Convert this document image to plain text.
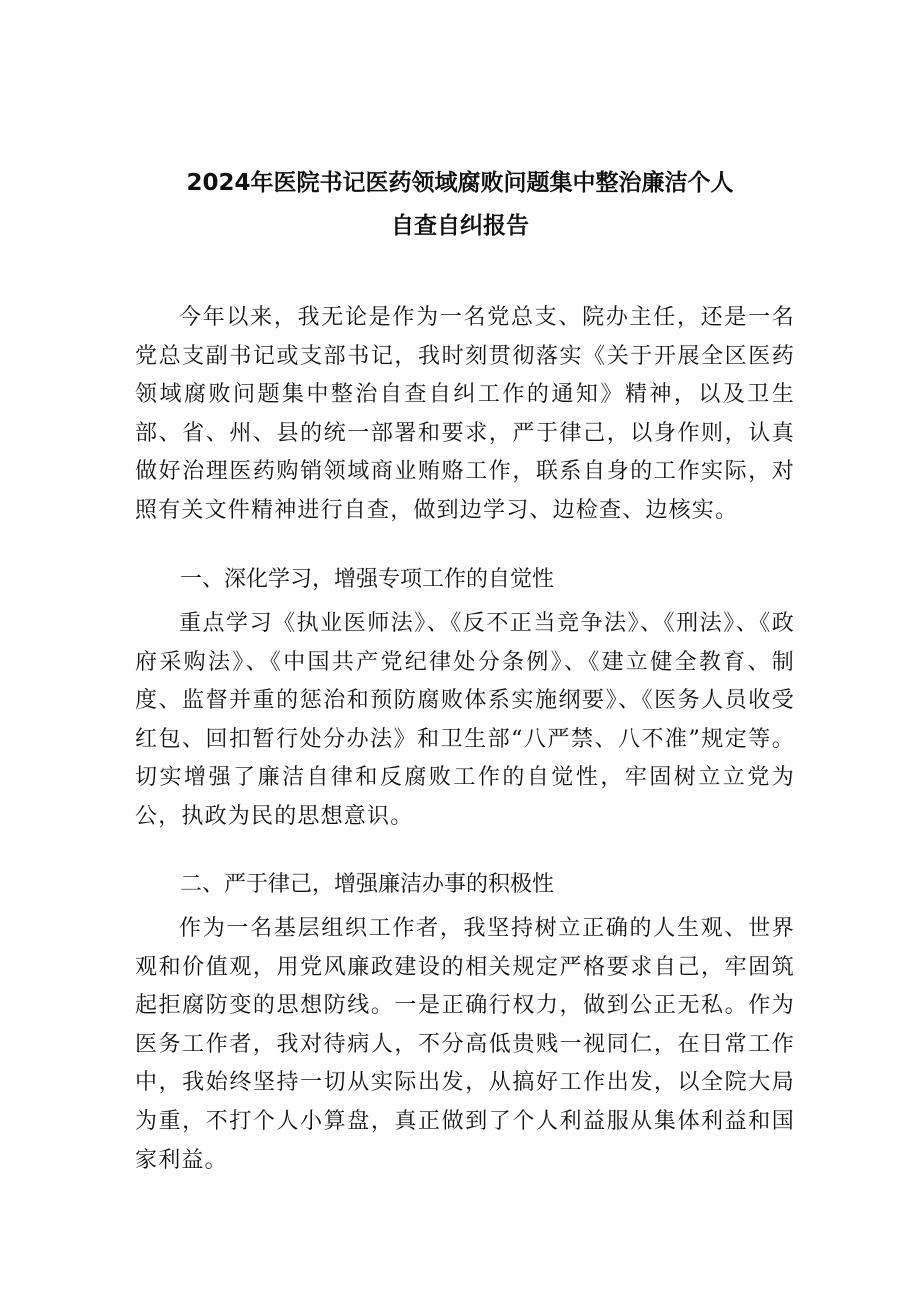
2024年医院书记医药领域腐败问题集中整治廉洁个人
自查自纠报告

今年以来，我无论是作为一名党总支、院办主任，还是一名党总支副书记或支部书记，我时刻贯彻落实《关于开展全区医药领域腐败问题集中整治自查自纠工作的通知》精神，以及卫生部、省、州、县的统一部署和要求，严于律己，以身作则，认真做好治理医药购销领域商业贿赂工作，联系自身的工作实际，对照有关文件精神进行自查，做到边学习、边检查、边核实。

一、深化学习，增强专项工作的自觉性

重点学习《执业医师法》、《反不正当竞争法》、《刑法》、《政府采购法》、《中国共产党纪律处分条例》、《建立健全教育、制度、监督并重的惩治和预防腐败体系实施纲要》、《医务人员收受红包、回扣暂行处分办法》和卫生部“八严禁、八不准”规定等。切实增强了廉洁自律和反腐败工作的自觉性，牢固树立立党为公，执政为民的思想意识。

二、严于律己，增强廉洁办事的积极性

作为一名基层组织工作者，我坚持树立正确的人生观、世界观和价值观，用党风廉政建设的相关规定严格要求自己，牢固筑起拒腐防变的思想防线。一是正确行权力，做到公正无私。作为医务工作者，我对待病人，不分高低贵贱一视同仁，在日常工作中，我始终坚持一切从实际出发，从搞好工作出发，以全院大局为重，不打个人小算盘，真正做到了个人利益服从集体利益和国家利益。
